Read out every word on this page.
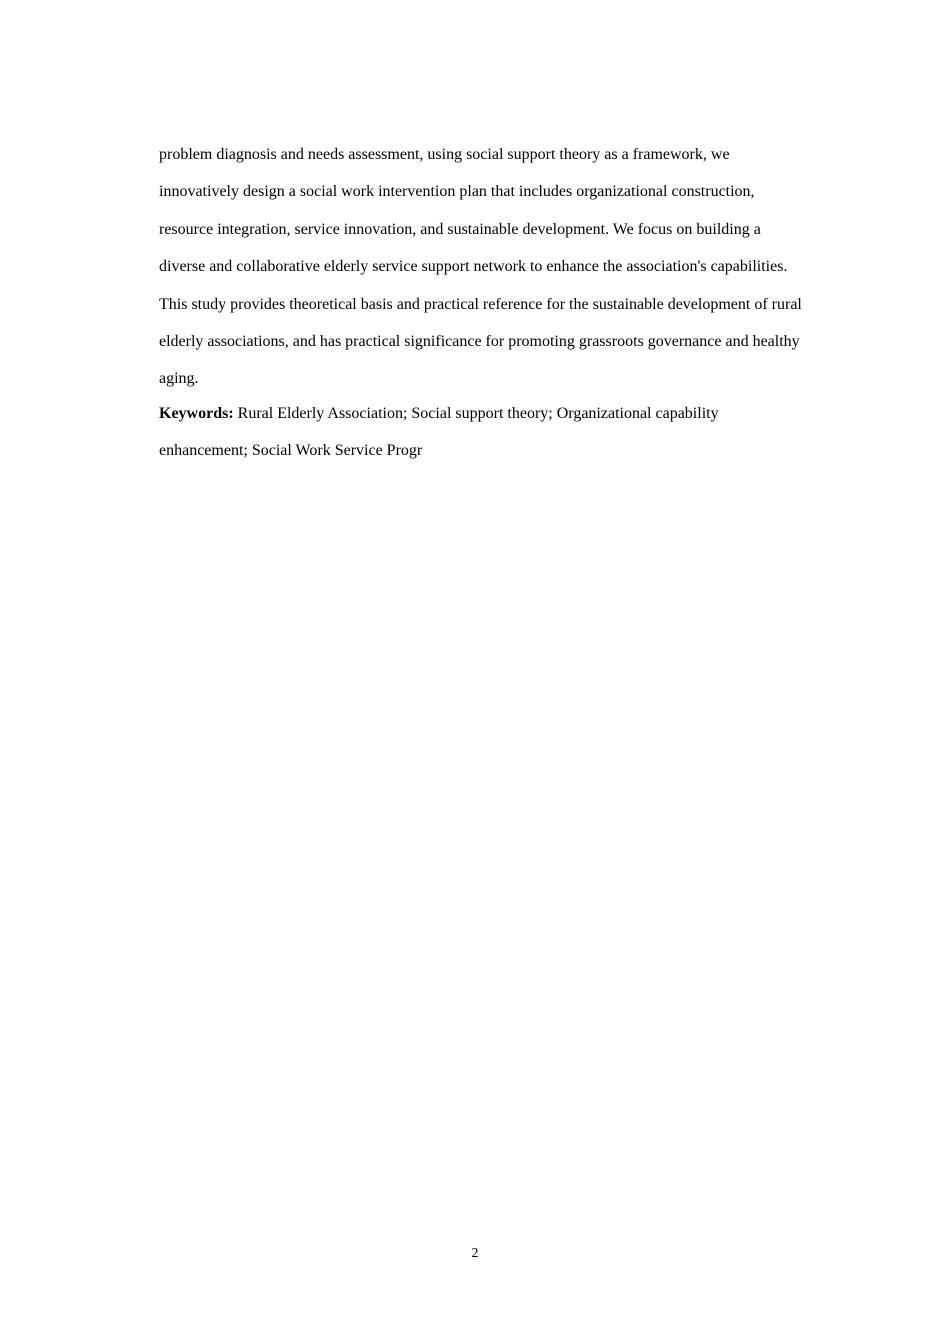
problem diagnosis and needs assessment, using social support theory as a framework, we
innovatively design a social work intervention plan that includes organizational construction,
resource integration, service innovation, and sustainable development. We focus on building a
diverse and collaborative elderly service support network to enhance the association's capabilities.
This study provides theoretical basis and practical reference for the sustainable development of rural
elderly associations, and has practical significance for promoting grassroots governance and healthy
aging.

Keywords: Rural Elderly Association; Social support theory; Organizational capability
enhancement; Social Work Service Progr

2
